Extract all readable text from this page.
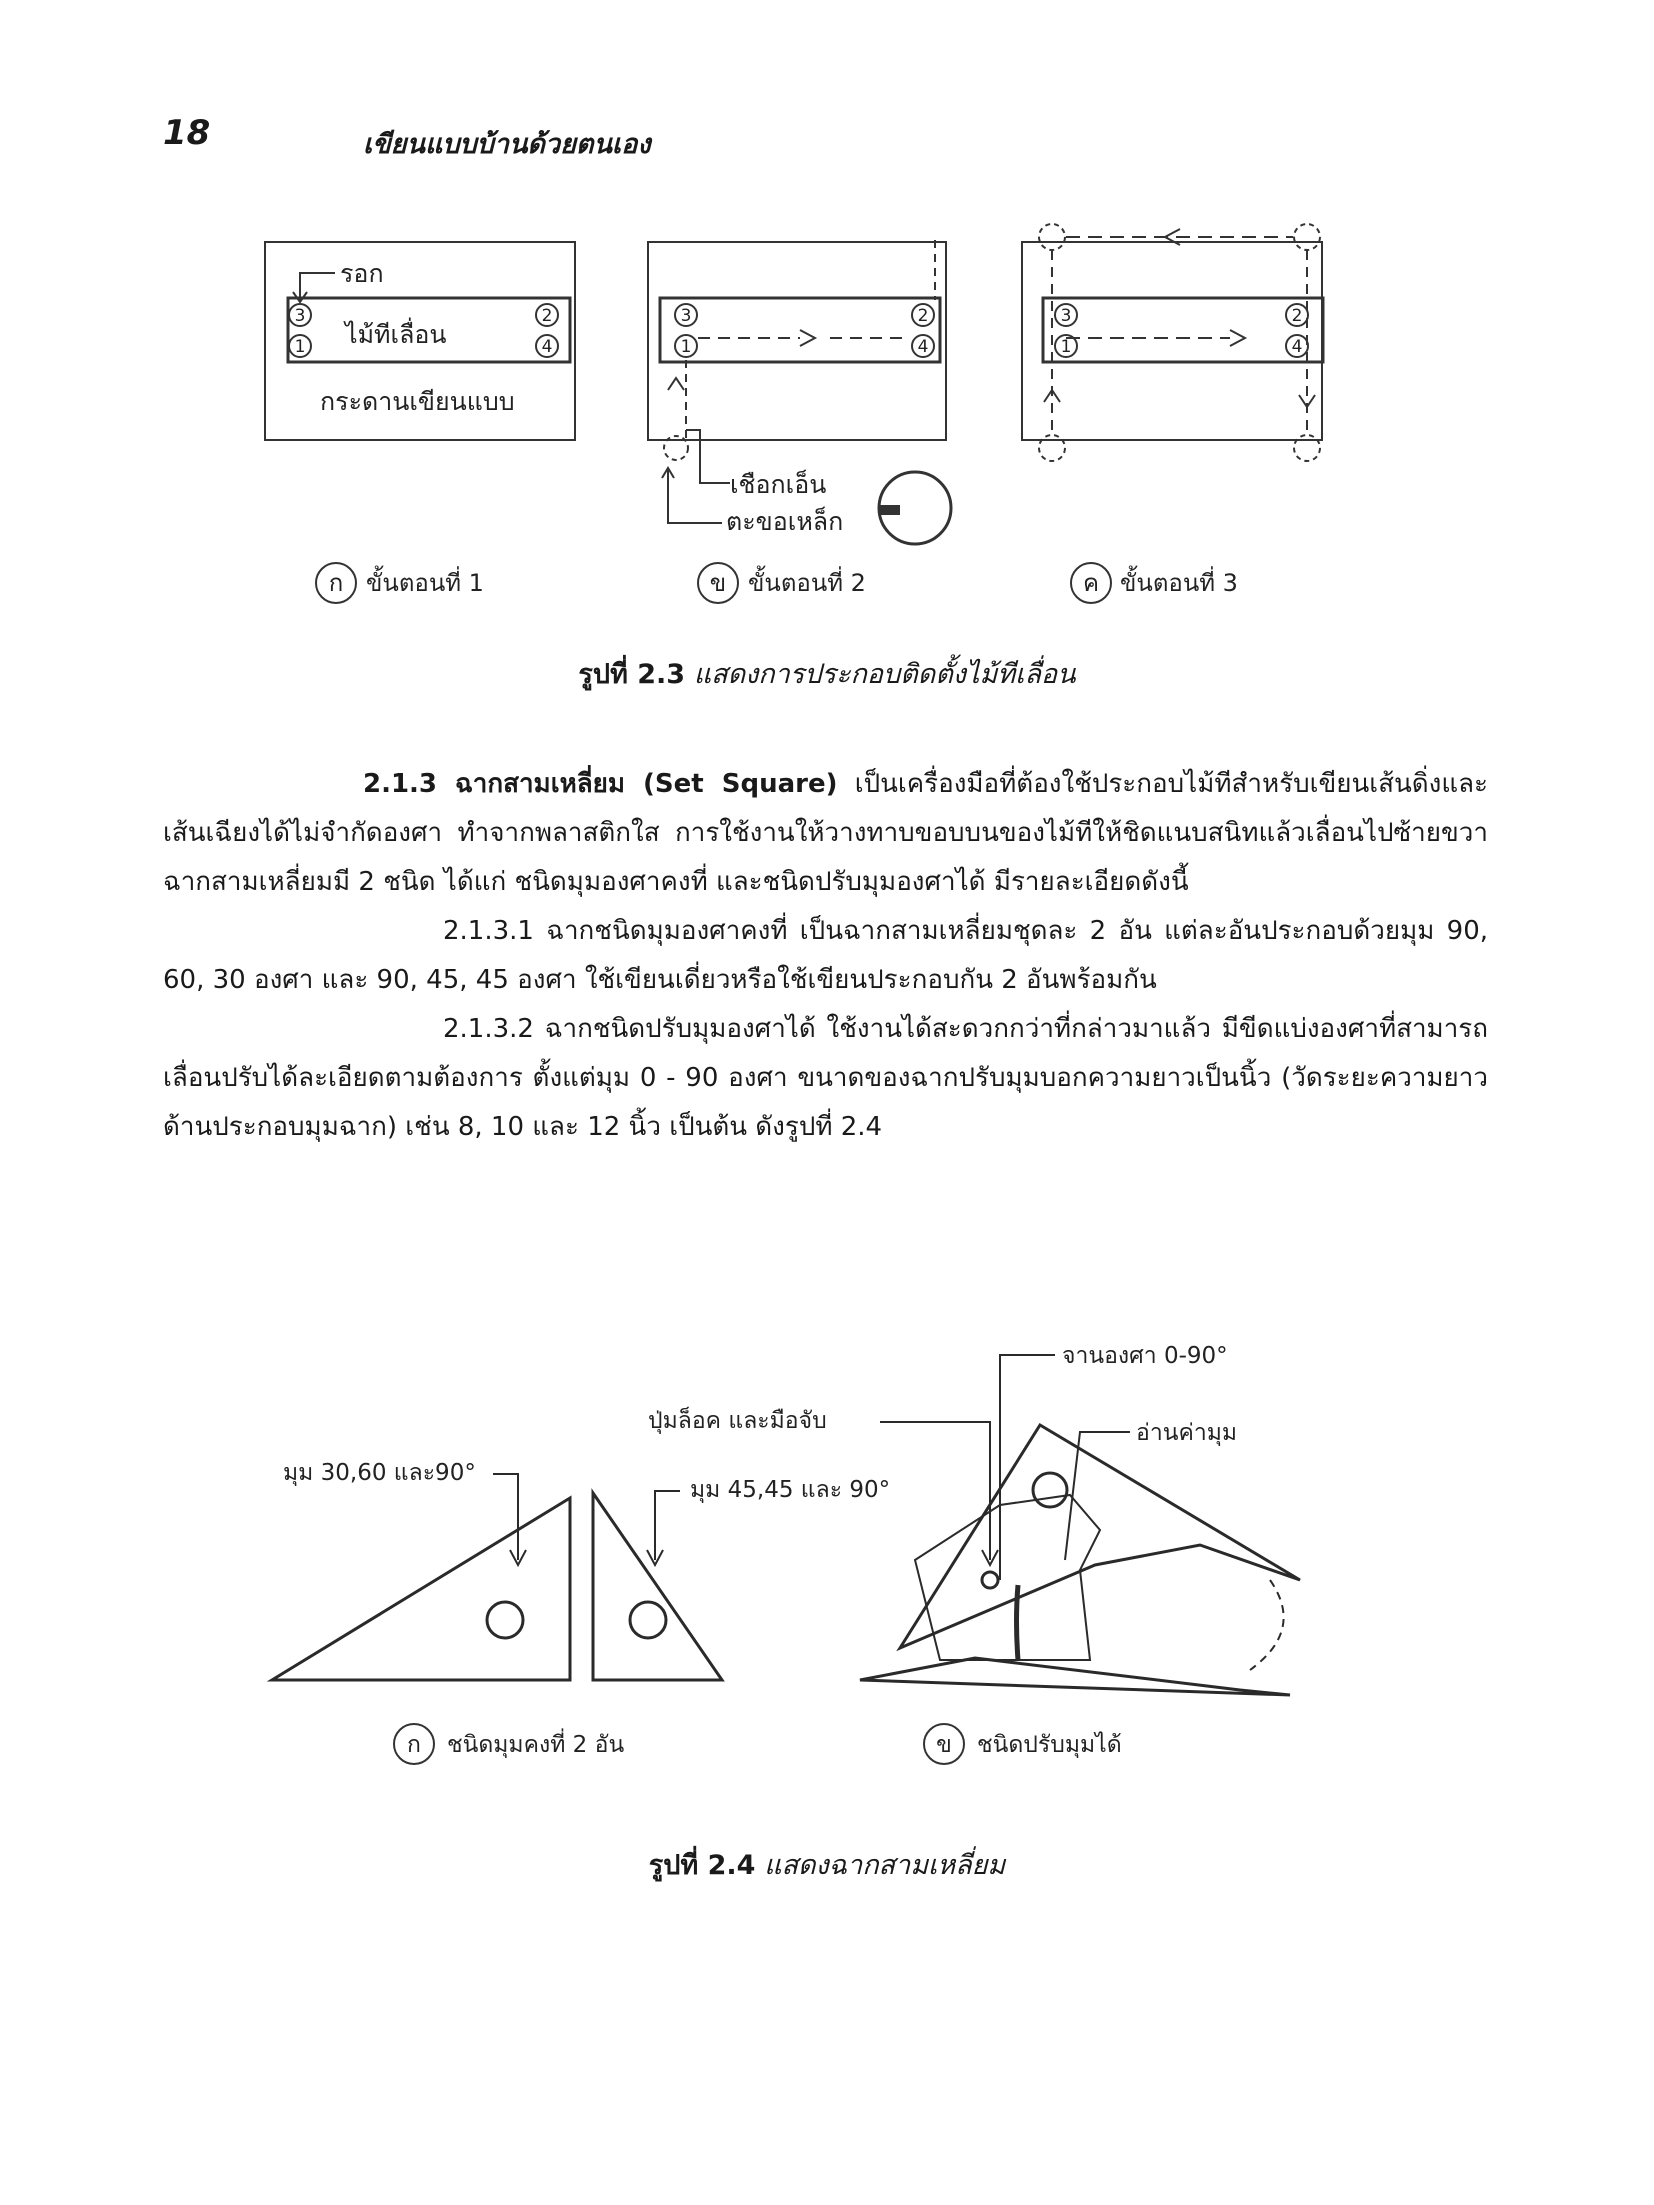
18	เขียนแบบบ้านด้วยตนเอง
รอก
ไม้ทีเลื่อน
กระดานเขียนแบบ
เชือกเอ็น
ตะขอเหล็ก
3
1
2
4
3
1
2
4
3
1
2
4
ก ขั้นตอนที่ 1	ข ขั้นตอนที่ 2	ค ขั้นตอนที่ 3
รูปที่ 2.3 แสดงการประกอบติดตั้งไม้ทีเลื่อน

2.1.3 ฉากสามเหลี่ยม (Set Square) เป็นเครื่องมือที่ต้องใช้ประกอบไม้ทีสำหรับเขียนเส้นดิ่งและเส้นเฉียงได้ไม่จำกัดองศา ทำจากพลาสติกใส การใช้งานให้วางทาบขอบบนของไม้ทีให้ชิดแนบสนิทแล้วเลื่อนไปซ้ายขวา ฉากสามเหลี่ยมมี 2 ชนิด ได้แก่ ชนิดมุมองศาคงที่ และชนิดปรับมุมองศาได้ มีรายละเอียดดังนี้

2.1.3.1 ฉากชนิดมุมองศาคงที่ เป็นฉากสามเหลี่ยมชุดละ 2 อัน แต่ละอันประกอบด้วยมุม 90, 60, 30 องศา และ 90, 45, 45 องศา ใช้เขียนเดี่ยวหรือใช้เขียนประกอบกัน 2 อันพร้อมกัน

2.1.3.2 ฉากชนิดปรับมุมองศาได้ ใช้งานได้สะดวกกว่าที่กล่าวมาแล้ว มีขีดแบ่งองศาที่สามารถเลื่อนปรับได้ละเอียดตามต้องการ ตั้งแต่มุม 0 - 90 องศา ขนาดของฉากปรับมุมบอกความยาวเป็นนิ้ว (วัดระยะความยาวด้านประกอบมุมฉาก) เช่น 8, 10 และ 12 นิ้ว เป็นต้น ดังรูปที่ 2.4

มุม 30,60 และ90°
มุม 45,45 และ 90°
ปุ่มล็อค และมือจับ
จานองศา 0-90°
อ่านค่ามุม
ก ชนิดมุมคงที่ 2 อัน	ข ชนิดปรับมุมได้
รูปที่ 2.4 แสดงฉากสามเหลี่ยม
